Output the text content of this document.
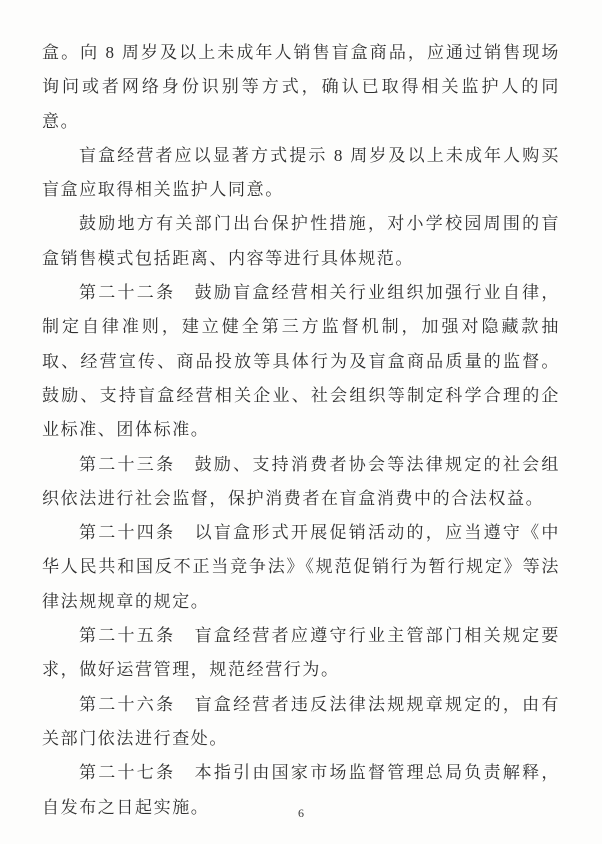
盒。向 8 周岁及以上未成年人销售盲盒商品，应通过销售现场询问或者网络身份识别等方式，确认已取得相关监护人的同意。

盲盒经营者应以显著方式提示 8 周岁及以上未成年人购买盲盒应取得相关监护人同意。

鼓励地方有关部门出台保护性措施，对小学校园周围的盲盒销售模式包括距离、内容等进行具体规范。

第二十二条　鼓励盲盒经营相关行业组织加强行业自律，制定自律准则，建立健全第三方监督机制，加强对隐藏款抽取、经营宣传、商品投放等具体行为及盲盒商品质量的监督。鼓励、支持盲盒经营相关企业、社会组织等制定科学合理的企业标准、团体标准。

第二十三条　鼓励、支持消费者协会等法律规定的社会组织依法进行社会监督，保护消费者在盲盒消费中的合法权益。

第二十四条　以盲盒形式开展促销活动的，应当遵守《中华人民共和国反不正当竞争法》《规范促销行为暂行规定》等法律法规规章的规定。

第二十五条　盲盒经营者应遵守行业主管部门相关规定要求，做好运营管理，规范经营行为。

第二十六条　盲盒经营者违反法律法规规章规定的，由有关部门依法进行查处。

第二十七条　本指引由国家市场监督管理总局负责解释，自发布之日起实施。	6
